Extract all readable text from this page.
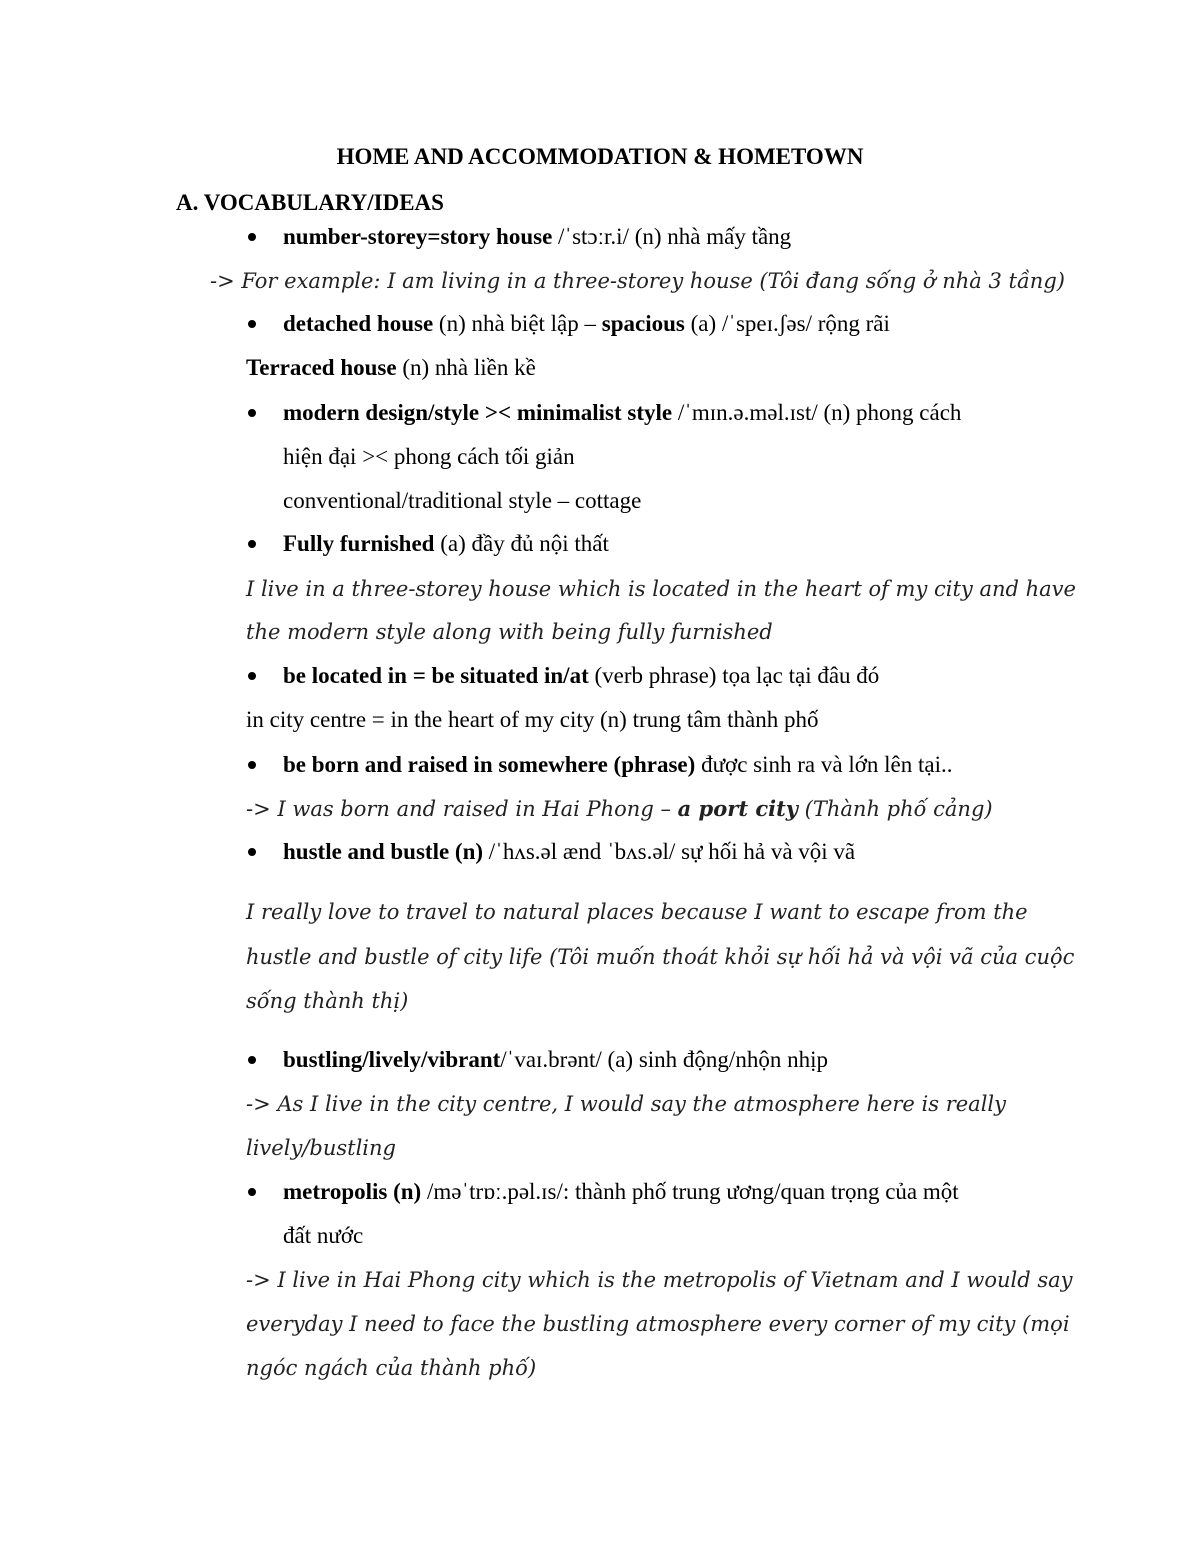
HOME AND ACCOMMODATION & HOMETOWN
A. VOCABULARY/IDEAS
number-storey=story house /ˈstɔːr.i/ (n) nhà mấy tầng
-> For example: I am living in a three-storey house (Tôi đang sống ở nhà 3 tầng)
detached house (n) nhà biệt lập – spacious (a) /ˈspeɪ.ʃəs/ rộng rãi
Terraced house (n) nhà liền kề
modern design/style >< minimalist style /ˈmɪn.ə.məl.ɪst/ (n) phong cách
hiện đại >< phong cách tối giản
conventional/traditional style – cottage
Fully furnished (a) đầy đủ nội thất
I live in a three-storey house which is located in the heart of my city and have
the modern style along with being fully furnished
be located in = be situated in/at (verb phrase) tọa lạc tại đâu đó
in city centre = in the heart of my city (n) trung tâm thành phố
be born and raised in somewhere (phrase) được sinh ra và lớn lên tại..
-> I was born and raised in Hai Phong – a port city (Thành phố cảng)
hustle and bustle (n) /ˈhʌs.əl ænd ˈbʌs.əl/ sự hối hả và vội vã
I really love to travel to natural places because I want to escape from the
hustle and bustle of city life (Tôi muốn thoát khỏi sự hối hả và vội vã của cuộc
sống thành thị)
bustling/lively/vibrant/ˈvaɪ.brənt/ (a) sinh động/nhộn nhịp
-> As I live in the city centre, I would say the atmosphere here is really
lively/bustling
metropolis (n) /məˈtrɒː.pəl.ɪs/: thành phố trung ương/quan trọng của một
đất nước
-> I live in Hai Phong city which is the metropolis of Vietnam and I would say
everyday I need to face the bustling atmosphere every corner of my city (mọi
ngóc ngách của thành phố)
